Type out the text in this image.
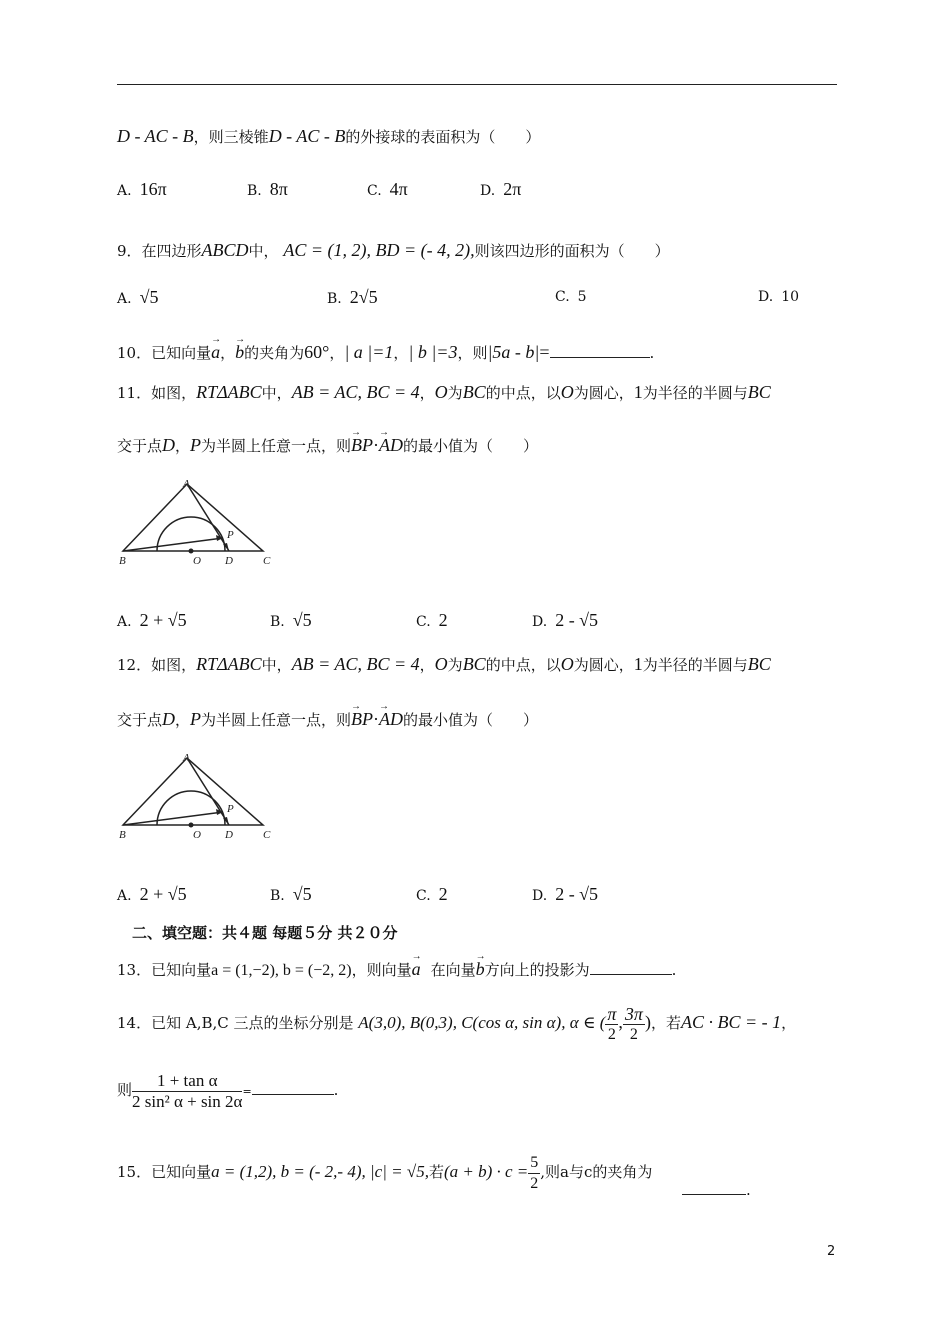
D - AC - B，则三棱锥D - AC - B的外接球的表面积为（　　）
A. 16π	B. 8π	C. 4π	D. 2π
9．在四边形ABCD中， AC = (1, 2), BD = (- 4, 2),则该四边形的面积为（　　）
A. √5	B. 2√5	C. 5	D. 10
10．已知向量→ a，→ b的夹角为60°，| a |=1，| b |=3，则|5a - b|=	.
11．如图，RTΔABC中，AB = AC, BC = 4，O为BC的中点，以O为圆心，1为半径的半圆与BC
交于点D，P为半圆上任意一点，则→ BP·→ AD的最小值为（　　）
A
B	C
O D
P
A. 2 + √5	B. √5	C. 2	D. 2 - √5
12．如图，RTΔABC中，AB = AC, BC = 4，O为BC的中点，以O为圆心，1为半径的半圆与BC
交于点D，P为半圆上任意一点，则→ BP·→ AD的最小值为（　　）
A
B	C
O D
P
A. 2 + √5	B. √5	C. 2	D. 2 - √5
二、填空题：共４题 每题５分 共２０分
13．已知向量a = (1,−2), b = (−2, 2)，则向量→ a 在向量→ b方向上的投影为	.
14．已知 A,B,C 三点的坐标分别是 A(3,0), B(0,3), C(cos α, sin α), α ∈ ( $\frac{\pi}{2}$ , $\frac{3\pi}{2}$ )，若AC · BC = - 1，
则 $\frac{\text{1 + tan α}}{\text{2 sin² α + sin 2α}}$ =	.
15．已知向量a = (1,2), b = (- 2,- 4), |c| = √5,若$(a + b) \cdot c = \frac{5}{2}$ ,则a与c的夹角为
.
2
